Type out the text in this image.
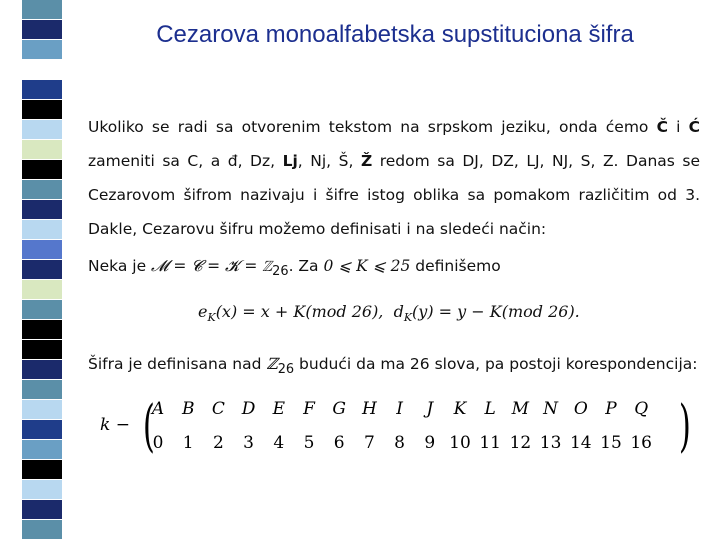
Cezarova monoalfabetska supstituciona šifra

Ukoliko se radi sa otvorenim tekstom na srpskom jeziku, onda ćemo Č i Ć zameniti sa C, a đ, Dz, Lj, Nj, Š, Ž redom sa DJ, DZ, LJ, NJ, S, Z. Danas se Cezarovom šifrom nazivaju i šifre istog oblika sa pomakom različitim od 3. Dakle, Cezarovu šifru možemo definisati i na sledeći način:

Neka je 𝓜 = 𝓒 = 𝓚 = ℤ$_{26}$. Za 0 ⩽ K ⩽ 25 definišemo

$e_K(x) = x + K(mod$ 26), $d_K(y) = y - K(mod$ 26).

Šifra je definisana nad ℤ$_{26}$ budući da ma 26 slova, pa postoji korespondencija:

k − (	)
A	B	C D	E	F	G H	I	J	K	L M N O	P	Q
0	1	2	3	4	5	6	7	8	9 10 11 12 13 14 15 16
